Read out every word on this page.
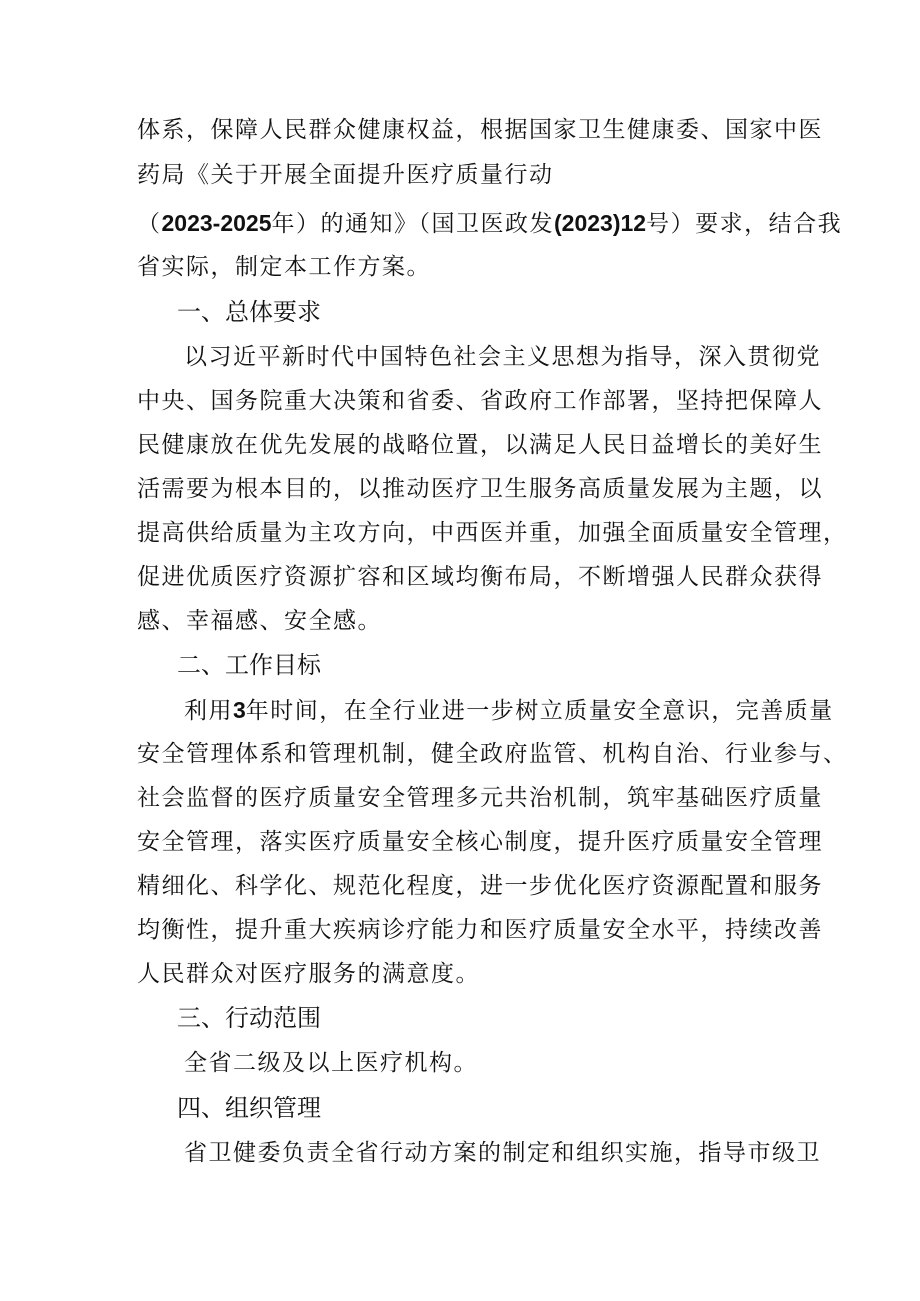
体系，保障人民群众健康权益，根据国家卫生健康委、国家中医
药局《关于开展全面提升医疗质量行动
（2023-2025年）的通知》（国卫医政发(2023)12号）要求，结合我
省实际，制定本工作方案。
一、总体要求
以习近平新时代中国特色社会主义思想为指导，深入贯彻党
中央、国务院重大决策和省委、省政府工作部署，坚持把保障人
民健康放在优先发展的战略位置，以满足人民日益增长的美好生
活需要为根本目的，以推动医疗卫生服务高质量发展为主题，以
提高供给质量为主攻方向，中西医并重，加强全面质量安全管理，
促进优质医疗资源扩容和区域均衡布局，不断增强人民群众获得
感、幸福感、安全感。
二、工作目标
利用3年时间，在全行业进一步树立质量安全意识，完善质量
安全管理体系和管理机制，健全政府监管、机构自治、行业参与、
社会监督的医疗质量安全管理多元共治机制，筑牢基础医疗质量
安全管理，落实医疗质量安全核心制度，提升医疗质量安全管理
精细化、科学化、规范化程度，进一步优化医疗资源配置和服务
均衡性，提升重大疾病诊疗能力和医疗质量安全水平，持续改善
人民群众对医疗服务的满意度。
三、行动范围
全省二级及以上医疗机构。
四、组织管理
省卫健委负责全省行动方案的制定和组织实施，指导市级卫
